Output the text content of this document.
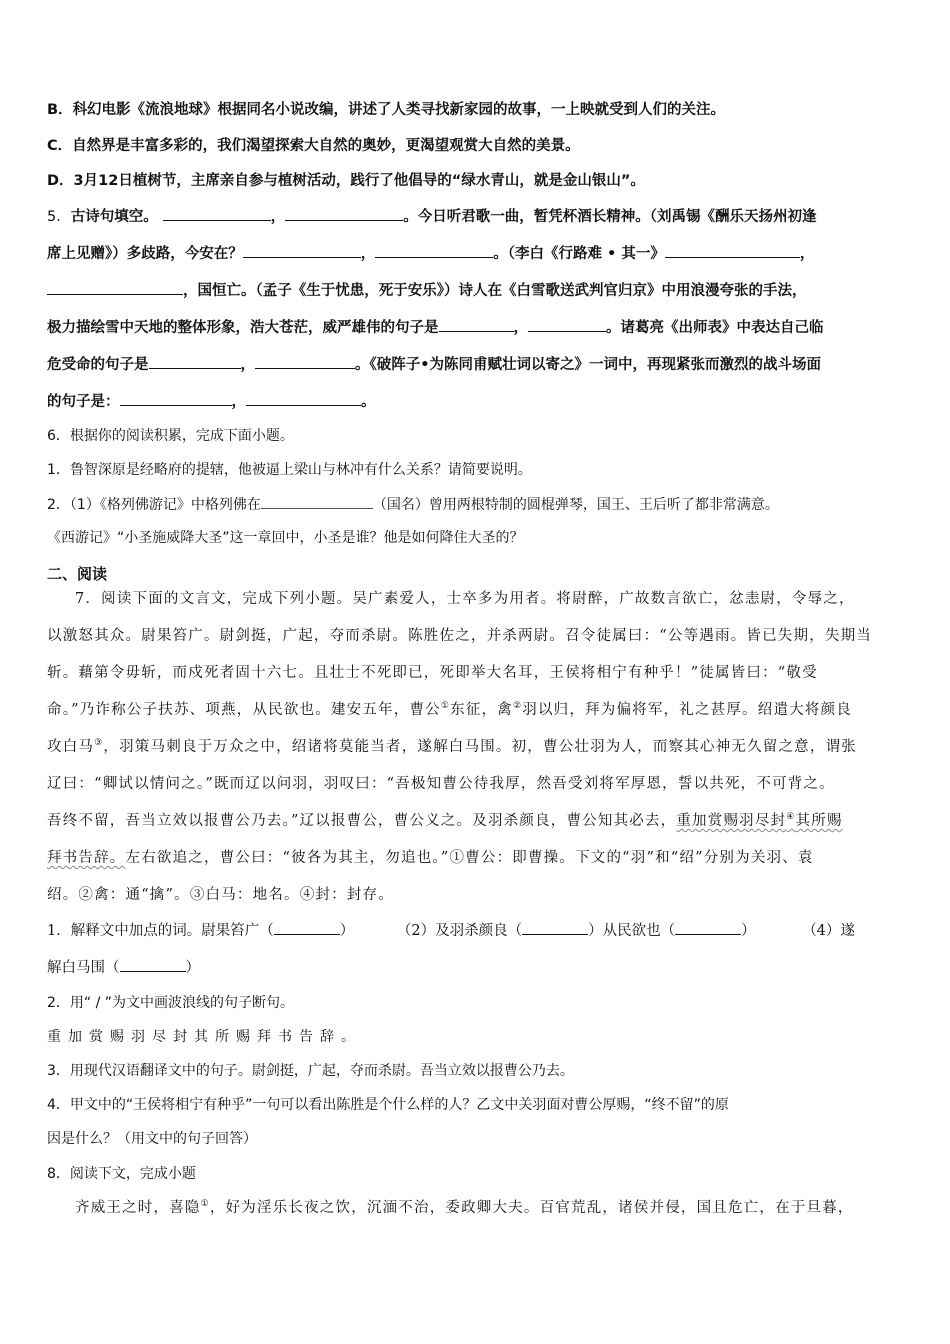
B．科幻电影《流浪地球》根据同名小说改编，讲述了人类寻找新家园的故事，一上映就受到人们的关注。
C．自然界是丰富多彩的，我们渴望探索大自然的奥妙，更渴望观赏大自然的美景。
D．3月12日植树节，主席亲自参与植树活动，践行了他倡导的“绿水青山，就是金山银山”。
5．古诗句填空。	，	。今日听君歌一曲，暂凭杯酒长精神。（刘禹锡《酬乐天扬州初逢
席上见赠》）多歧路，今安在？	，	。（李白《行路难 • 其一》	，
，国恒亡。（孟子《生于忧患，死于安乐》）诗人在《白雪歌送武判官归京》中用浪漫夸张的手法，
极力描绘雪中天地的整体形象，浩大苍茫，威严雄伟的句子是	，	。诸葛亮《出师表》中表达自己临
危受命的句子是	，	。《破阵子•为陈同甫赋壮词以寄之》一词中，再现紧张而激烈的战斗场面
的句子是：	，	。
6．根据你的阅读积累，完成下面小题。
1．鲁智深原是经略府的提辖，他被逼上梁山与林冲有什么关系？请简要说明。
2．（1）《格列佛游记》中格列佛在	（国名）曾用两根特制的圆棍弹琴，国王、王后听了都非常满意。
《西游记》“小圣施威降大圣”这一章回中，小圣是谁？他是如何降住大圣的？
二、阅读
7．阅读下面的文言文，完成下列小题。吴广素爱人，士卒多为用者。将尉醉，广故数言欲亡，忿恚尉，令辱之，
以激怒其众。尉果笞广。尉剑挺，广起，夺而杀尉。陈胜佐之，并杀两尉。召令徒属曰：“公等遇雨。皆已失期，失期当
斩。藉第令毋斩，而戍死者固十六七。且壮士不死即已，死即举大名耳，王侯将相宁有种乎！”徒属皆曰：“敬受
命。”乃诈称公子扶苏、项燕，从民欲也。建安五年，曹公①东征，禽②羽以归，拜为偏将军，礼之甚厚。绍遣大将颜良
攻白马③，羽策马刺良于万众之中，绍诸将莫能当者，遂解白马围。初，曹公壮羽为人，而察其心神无久留之意，谓张
辽曰：“卿试以情问之。”既而辽以问羽，羽叹曰：“吾极知曹公待我厚，然吾受刘将军厚恩，誓以共死，不可背之。
吾终不留，吾当立效以报曹公乃去。”辽以报曹公，曹公义之。及羽杀颜良，曹公知其必去，重加赏赐羽尽封④其所赐
拜书告辞。左右欲追之，曹公曰：“彼各为其主，勿追也。”①曹公：即曹操。下文的“羽”和“绍”分别为关羽、袁
绍。②禽：通“擒”。③白马：地名。④封：封存。
1．解释文中加点的词。尉果笞广（	）	（2）及羽杀颜良（	）从民欲也（	）	（4）遂
解白马围（	）
2．用“ / ”为文中画波浪线的句子断句。
重加赏赐羽尽封其所赐拜书告辞。
3．用现代汉语翻译文中的句子。尉剑挺，广起，夺而杀尉。吾当立效以报曹公乃去。
4．甲文中的“王侯将相宁有种乎”一句可以看出陈胜是个什么样的人？乙文中关羽面对曹公厚赐，“终不留”的原
因是什么？（用文中的句子回答）
8．阅读下文，完成小题
齐威王之时，喜隐①，好为淫乐长夜之饮，沉湎不治，委政卿大夫。百官荒乱，诸侯并侵，国且危亡，在于旦暮，
